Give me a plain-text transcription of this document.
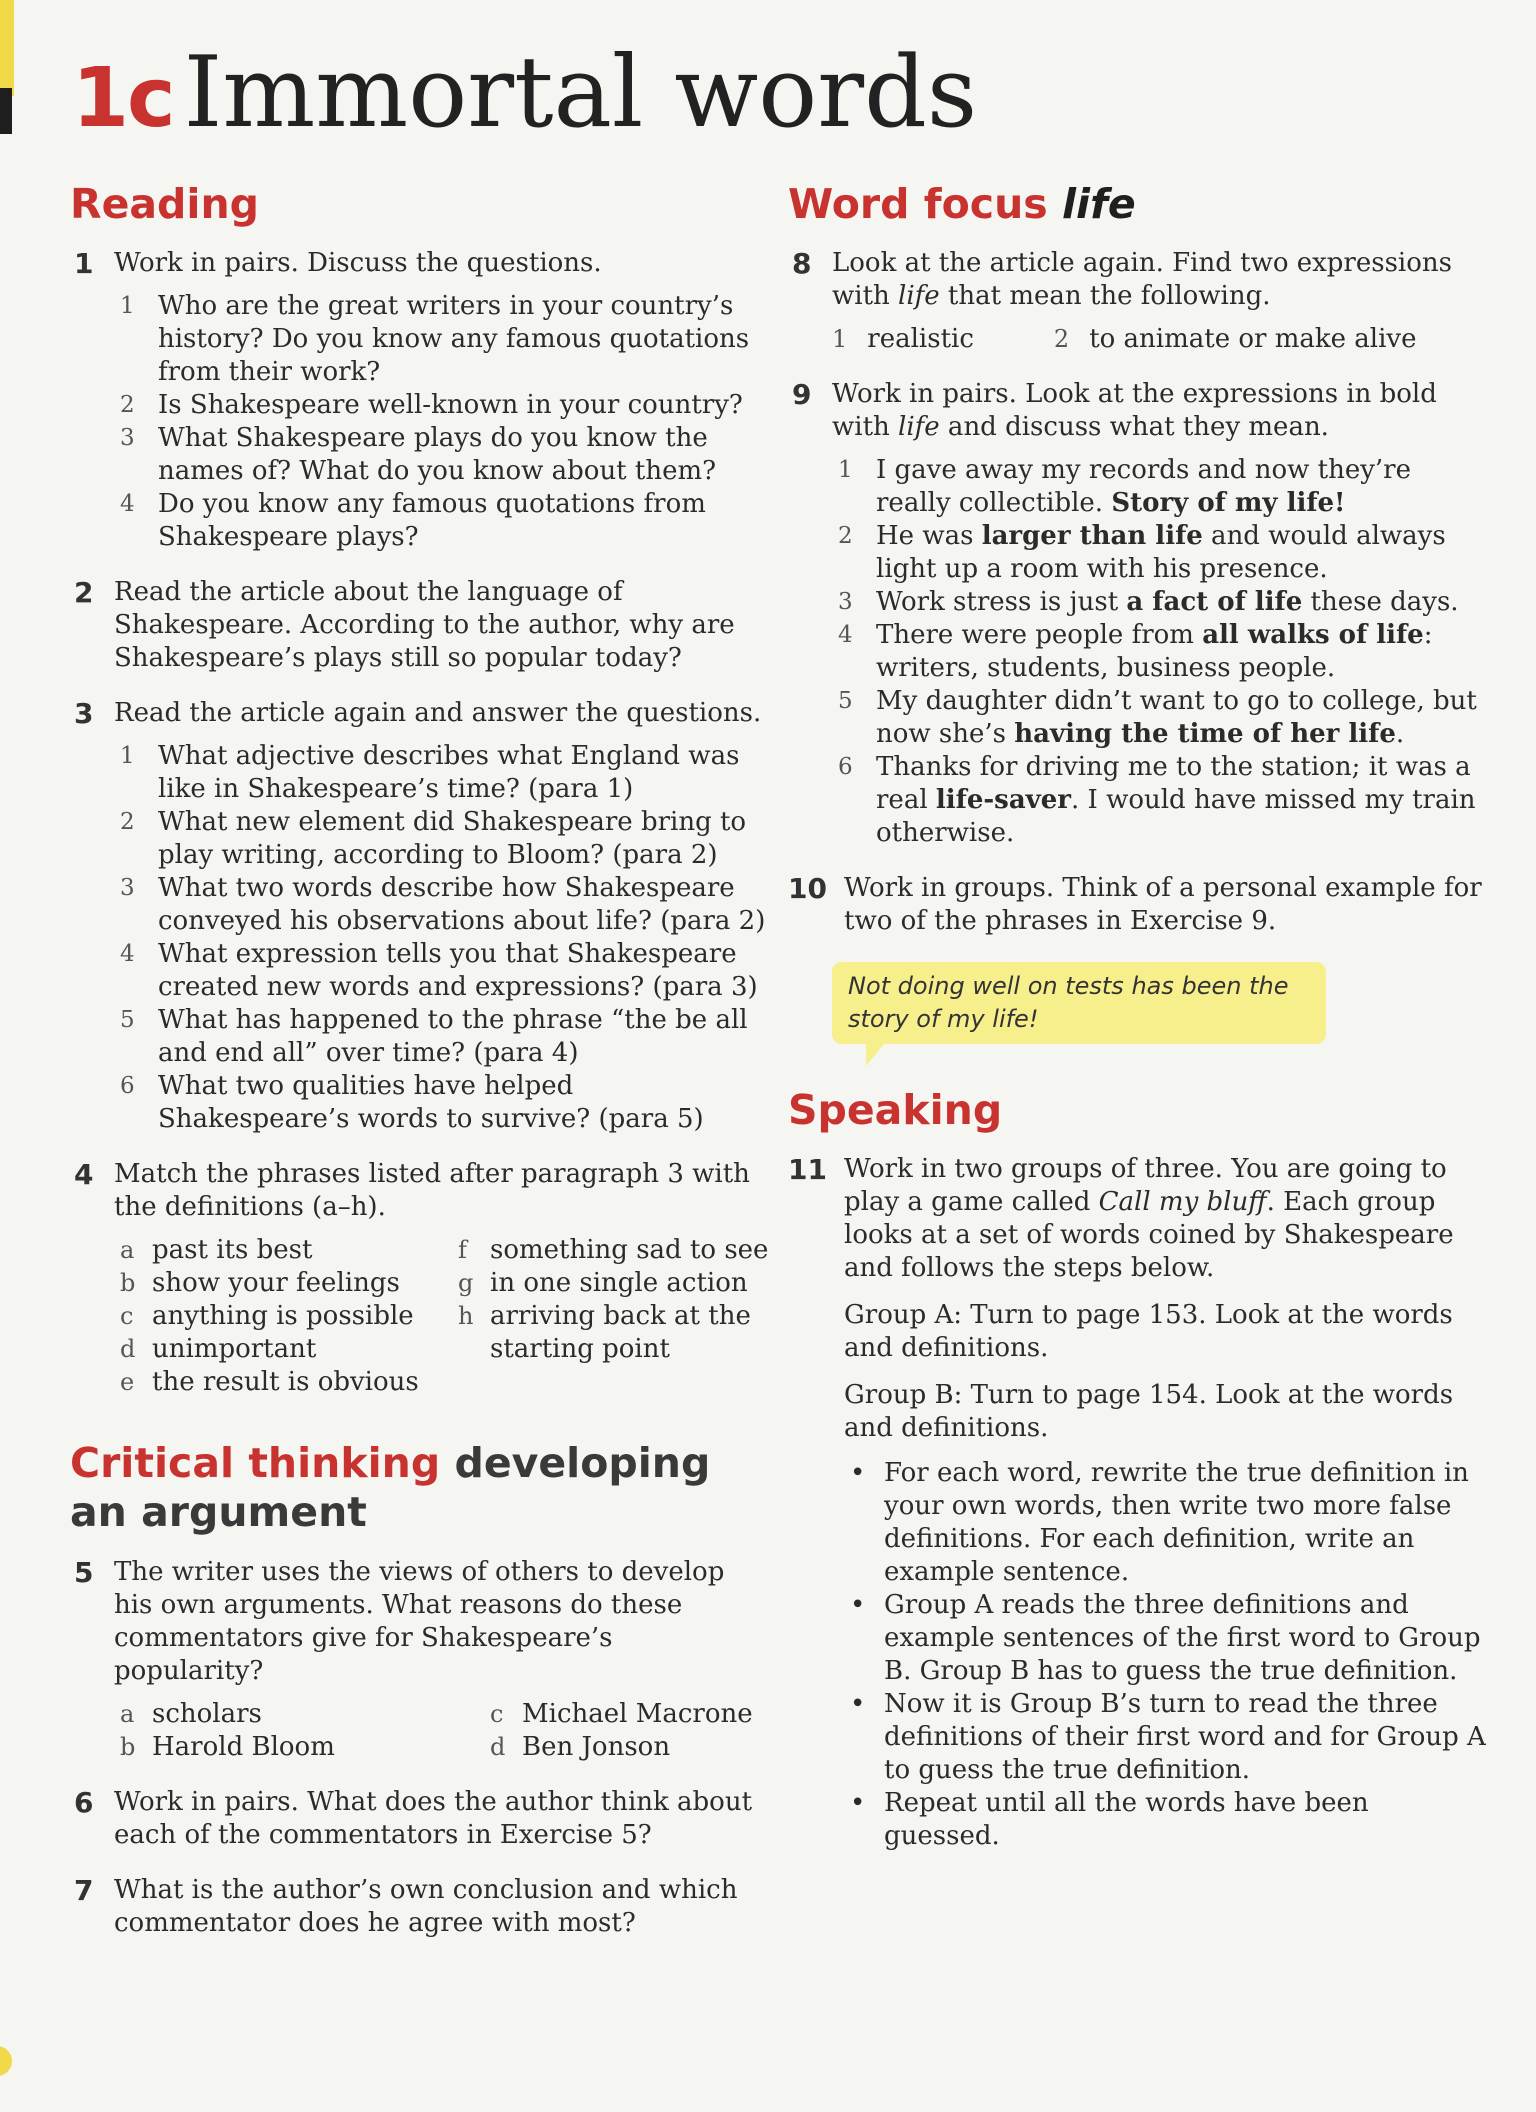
1c Immortal words
Reading
1 Work in pairs. Discuss the questions.
1 Who are the great writers in your country’s history? Do you know any famous quotations from their work?
2 Is Shakespeare well-known in your country?
3 What Shakespeare plays do you know the names of? What do you know about them?
4 Do you know any famous quotations from Shakespeare plays?
2 Read the article about the language of Shakespeare. According to the author, why are Shakespeare’s plays still so popular today?
3 Read the article again and answer the questions.
1 What adjective describes what England was like in Shakespeare’s time? (para 1)
2 What new element did Shakespeare bring to play writing, according to Bloom? (para 2)
3 What two words describe how Shakespeare conveyed his observations about life? (para 2)
4 What expression tells you that Shakespeare created new words and expressions? (para 3)
5 What has happened to the phrase “the be all and end all” over time? (para 4)
6 What two qualities have helped Shakespeare’s words to survive? (para 5)
4 Match the phrases listed after paragraph 3 with the definitions (a–h).
a past its best
b show your feelings
c anything is possible
d unimportant
e the result is obvious
f something sad to see
g in one single action
h arriving back at the starting point
Critical thinking developing an argument
5 The writer uses the views of others to develop his own arguments. What reasons do these commentators give for Shakespeare’s popularity?
a scholars	c Michael Macrone
b Harold Bloom	d Ben Jonson
6 Work in pairs. What does the author think about each of the commentators in Exercise 5?
7 What is the author’s own conclusion and which commentator does he agree with most?
Word focus life
8 Look at the article again. Find two expressions with life that mean the following.
1 realistic	2 to animate or make alive
9 Work in pairs. Look at the expressions in bold with life and discuss what they mean.
1 I gave away my records and now they’re really collectible. Story of my life!
2 He was larger than life and would always light up a room with his presence.
3 Work stress is just a fact of life these days.
4 There were people from all walks of life: writers, students, business people.
5 My daughter didn’t want to go to college, but now she’s having the time of her life.
6 Thanks for driving me to the station; it was a real life-saver. I would have missed my train otherwise.
10 Work in groups. Think of a personal example for two of the phrases in Exercise 9.
Not doing well on tests has been the story of my life!
Speaking
11 Work in two groups of three. You are going to play a game called Call my bluff. Each group looks at a set of words coined by Shakespeare and follows the steps below.

Group A: Turn to page 153. Look at the words and definitions.

Group B: Turn to page 154. Look at the words and definitions.

• For each word, rewrite the true definition in your own words, then write two more false definitions. For each definition, write an example sentence.
• Group A reads the three definitions and example sentences of the first word to Group B. Group B has to guess the true definition.
• Now it is Group B’s turn to read the three definitions of their first word and for Group A to guess the true definition.
• Repeat until all the words have been guessed.
